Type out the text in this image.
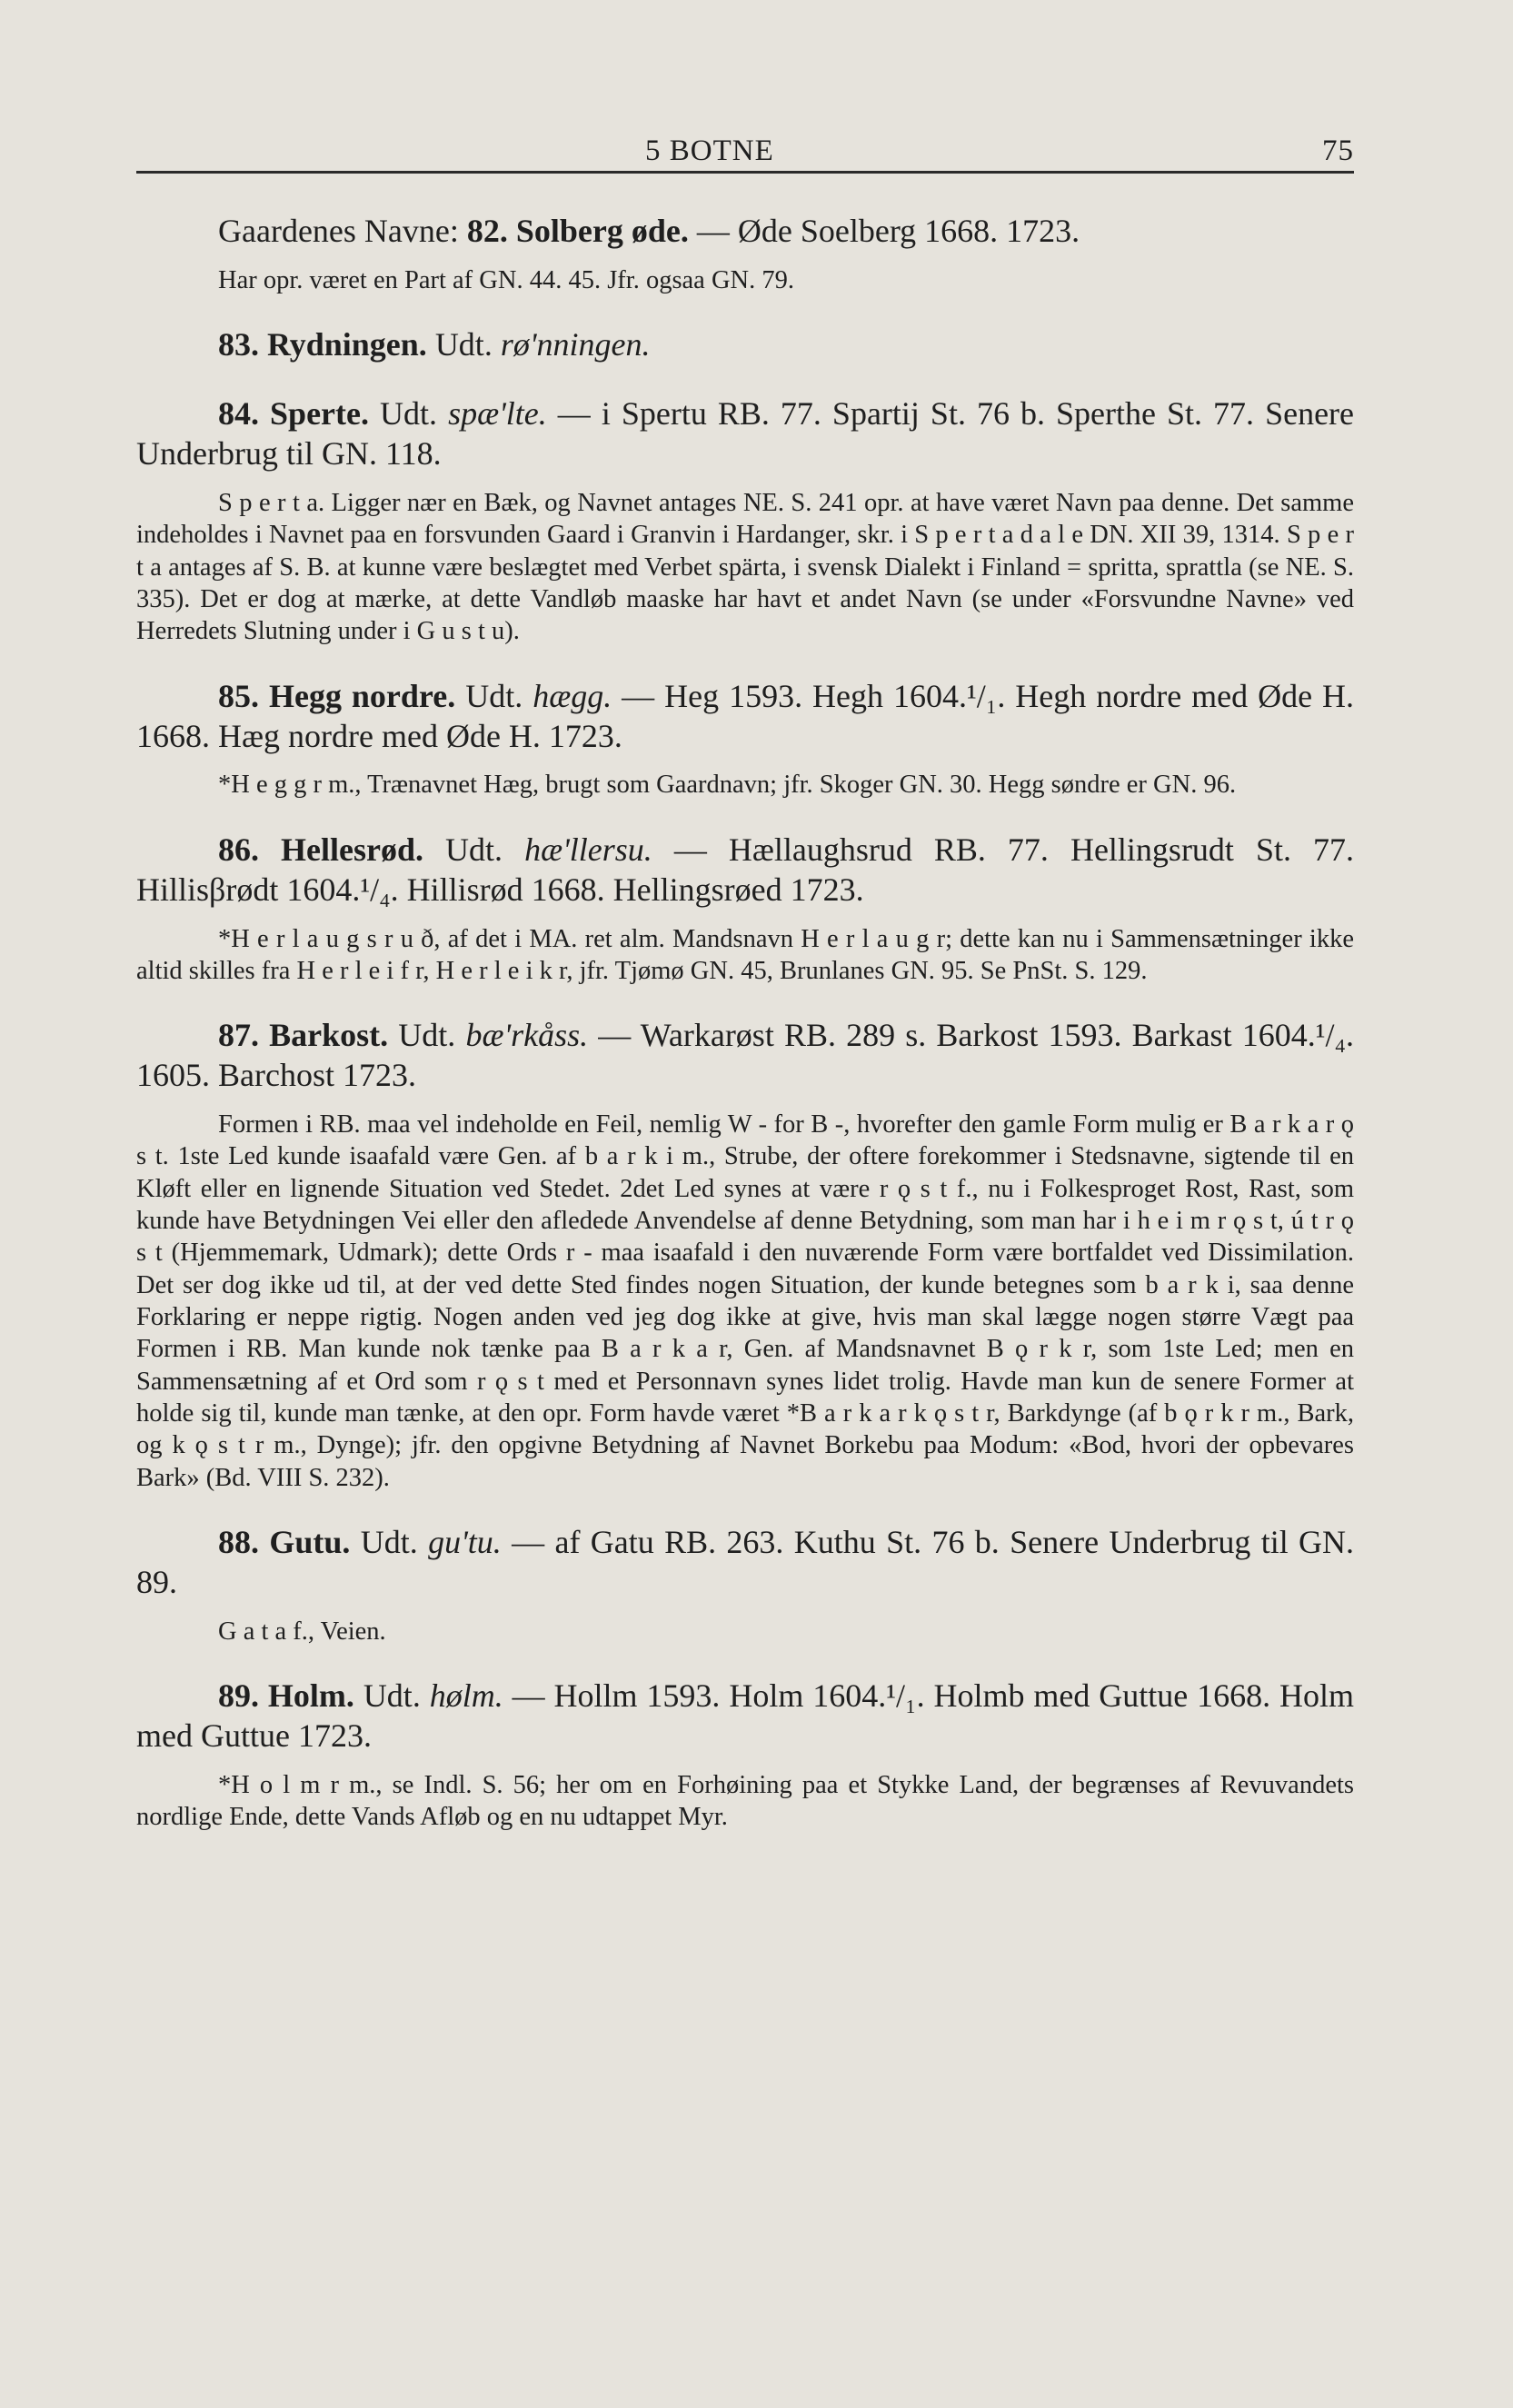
5 BOTNE	75

Gaardenes Navne: 82. Solberg øde. — Øde Soelberg 1668. 1723.

Har opr. været en Part af GN. 44. 45. Jfr. ogsaa GN. 79.

83. Rydningen. Udt. rø'nningen.

84. Sperte. Udt. spæ'lte. — i Spertu RB. 77. Spartij St. 76 b. Sperthe St. 77. Senere Underbrug til GN. 118.

S p e r t a. Ligger nær en Bæk, og Navnet antages NE. S. 241 opr. at have været Navn paa denne. Det samme indeholdes i Navnet paa en forsvunden Gaard i Granvin i Hardanger, skr. i S p e r t a d a l e DN. XII 39, 1314. S p e r t a antages af S. B. at kunne være beslægtet med Verbet spärta, i svensk Dialekt i Finland = spritta, sprattla (se NE. S. 335). Det er dog at mærke, at dette Vandløb maaske har havt et andet Navn (se under «Forsvundne Navne» ved Herredets Slutning under i G u s t u).

85. Hegg nordre. Udt. hægg. — Heg 1593. Hegh 1604.¹/₁. Hegh nordre med Øde H. 1668. Hæg nordre med Øde H. 1723.

*H e g g r m., Trænavnet Hæg, brugt som Gaardnavn; jfr. Skoger GN. 30. Hegg søndre er GN. 96.

86. Hellesrød. Udt. hæ'llersu. — Hællaughsrud RB. 77. Hellingsrudt St. 77. Hillisβrødt 1604.¹/₄. Hillisrød 1668. Hellingsrøed 1723.

*H e r l a u g s r u ð, af det i MA. ret alm. Mandsnavn H e r l a u g r; dette kan nu i Sammensætninger ikke altid skilles fra H e r l e i f r, H e r l e i k r, jfr. Tjømø GN. 45, Brunlanes GN. 95. Se PnSt. S. 129.

87. Barkost. Udt. bæ'rkåss. — Warkarøst RB. 289 s. Barkost 1593. Barkast 1604.¹/₄. 1605. Barchost 1723.

Formen i RB. maa vel indeholde en Feil, nemlig W - for B -, hvorefter den gamle Form mulig er B a r k a r ǫ s t. 1ste Led kunde isaafald være Gen. af b a r k i m., Strube, der oftere forekommer i Stedsnavne, sigtende til en Kløft eller en lignende Situation ved Stedet. 2det Led synes at være r ǫ s t f., nu i Folkesproget Rost, Rast, som kunde have Betydningen Vei eller den afledede Anvendelse af denne Betydning, som man har i h e i m r ǫ s t, ú t r ǫ s t (Hjemmemark, Udmark); dette Ords r - maa isaafald i den nuværende Form være bortfaldet ved Dissimilation. Det ser dog ikke ud til, at der ved dette Sted findes nogen Situation, der kunde betegnes som b a r k i, saa denne Forklaring er neppe rigtig. Nogen anden ved jeg dog ikke at give, hvis man skal lægge nogen større Vægt paa Formen i RB. Man kunde nok tænke paa B a r k a r, Gen. af Mandsnavnet B ǫ r k r, som 1ste Led; men en Sammensætning af et Ord som r ǫ s t med et Personnavn synes lidet trolig. Havde man kun de senere Former at holde sig til, kunde man tænke, at den opr. Form havde været *B a r k a r k ǫ s t r, Barkdynge (af b ǫ r k r m., Bark, og k ǫ s t r m., Dynge); jfr. den opgivne Betydning af Navnet Borkebu paa Modum: «Bod, hvori der opbevares Bark» (Bd. VIII S. 232).

88. Gutu. Udt. gu'tu. — af Gatu RB. 263. Kuthu St. 76 b. Senere Underbrug til GN. 89.

G a t a f., Veien.

89. Holm. Udt. hølm. — Hollm 1593. Holm 1604.¹/₁. Holmb med Guttue 1668. Holm med Guttue 1723.

*H o l m r m., se Indl. S. 56; her om en Forhøining paa et Stykke Land, der begrænses af Revuvandets nordlige Ende, dette Vands Afløb og en nu udtappet Myr.
